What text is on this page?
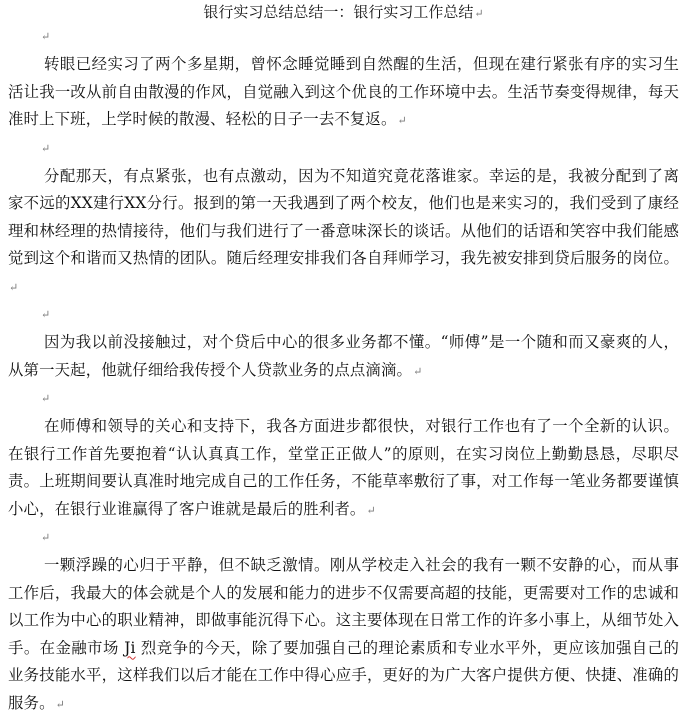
银行实习总结总结一：银行实习工作总结↵
↵

转眼已经实习了两个多星期，曾怀念睡觉睡到自然醒的生活，但现在建行紧张有序的实习生活让我一改从前自由散漫的作风，自觉融入到这个优良的工作环境中去。生活节奏变得规律，每天准时上下班，上学时候的散漫、轻松的日子一去不复返。↵

↵

分配那天，有点紧张，也有点激动，因为不知道究竟花落谁家。幸运的是，我被分配到了离家不远的XX建行XX分行。报到的第一天我遇到了两个校友，他们也是来实习的，我们受到了康经理和林经理的热情接待，他们与我们进行了一番意味深长的谈话。从他们的话语和笑容中我们能感觉到这个和谐而又热情的团队。随后经理安排我们各自拜师学习，我先被安排到贷后服务的岗位。↵

↵

因为我以前没接触过，对个贷后中心的很多业务都不懂。“师傅”是一个随和而又豪爽的人，从第一天起，他就仔细给我传授个人贷款业务的点点滴滴。↵

↵

在师傅和领导的关心和支持下，我各方面进步都很快，对银行工作也有了一个全新的认识。在银行工作首先要抱着“认认真真工作，堂堂正正做人”的原则，在实习岗位上勤勤恳恳，尽职尽责。上班期间要认真准时地完成自己的工作任务，不能草率敷衍了事，对工作每一笔业务都要谨慎小心，在银行业谁赢得了客户谁就是最后的胜利者。↵

↵

一颗浮躁的心归于平静，但不缺乏激情。刚从学校走入社会的我有一颗不安静的心，而从事工作后，我最大的体会就是个人的发展和能力的进步不仅需要高超的技能，更需要对工作的忠诚和以工作为中心的职业精神，即做事能沉得下心。这主要体现在日常工作的许多小事上，从细节处入手。在金融市场 Ji 烈竞争的今天，除了要加强自己的理论素质和专业水平外，更应该加强自己的业务技能水平，这样我们以后才能在工作中得心应手，更好的为广大客户提供方便、快捷、准确的服务。↵
